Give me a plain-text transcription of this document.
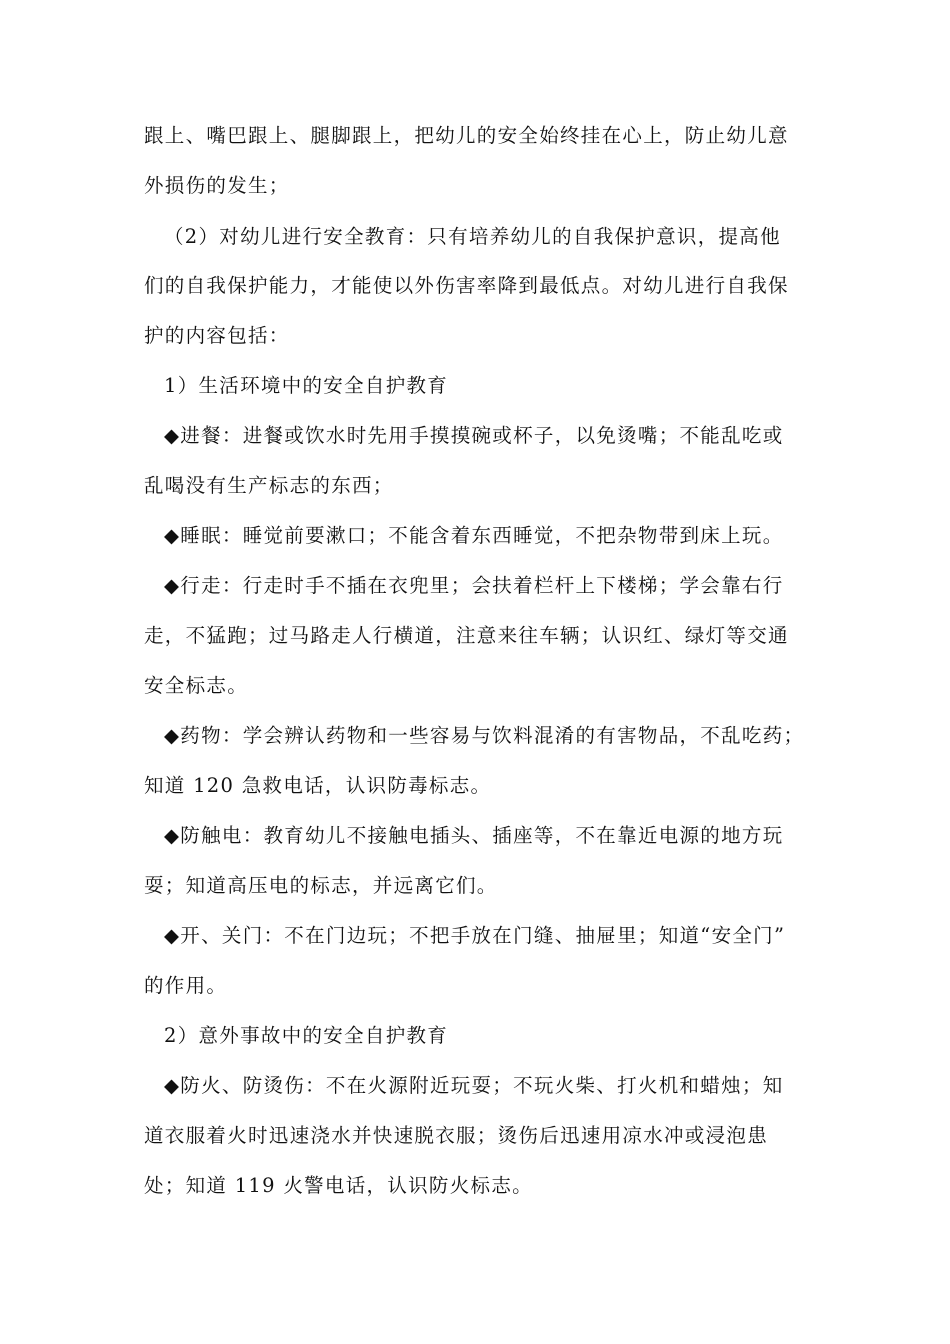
跟上、嘴巴跟上、腿脚跟上，把幼儿的安全始终挂在心上，防止幼儿意
外损伤的发生；
（2）对幼儿进行安全教育：只有培养幼儿的自我保护意识，提高他
们的自我保护能力，才能使以外伤害率降到最低点。对幼儿进行自我保
护的内容包括：
1）生活环境中的安全自护教育
◆进餐：进餐或饮水时先用手摸摸碗或杯子，以免烫嘴；不能乱吃或
乱喝没有生产标志的东西；
◆睡眠：睡觉前要漱口；不能含着东西睡觉，不把杂物带到床上玩。
◆行走：行走时手不插在衣兜里；会扶着栏杆上下楼梯；学会靠右行
走，不猛跑；过马路走人行横道，注意来往车辆；认识红、绿灯等交通
安全标志。
◆药物：学会辨认药物和一些容易与饮料混淆的有害物品，不乱吃药；
知道 120 急救电话，认识防毒标志。
◆防触电：教育幼儿不接触电插头、插座等，不在靠近电源的地方玩
耍；知道高压电的标志，并远离它们。
◆开、关门：不在门边玩；不把手放在门缝、抽屉里；知道“安全门”
的作用。
2）意外事故中的安全自护教育
◆防火、防烫伤：不在火源附近玩耍；不玩火柴、打火机和蜡烛；知
道衣服着火时迅速浇水并快速脱衣服；烫伤后迅速用凉水冲或浸泡患
处；知道 119 火警电话，认识防火标志。
